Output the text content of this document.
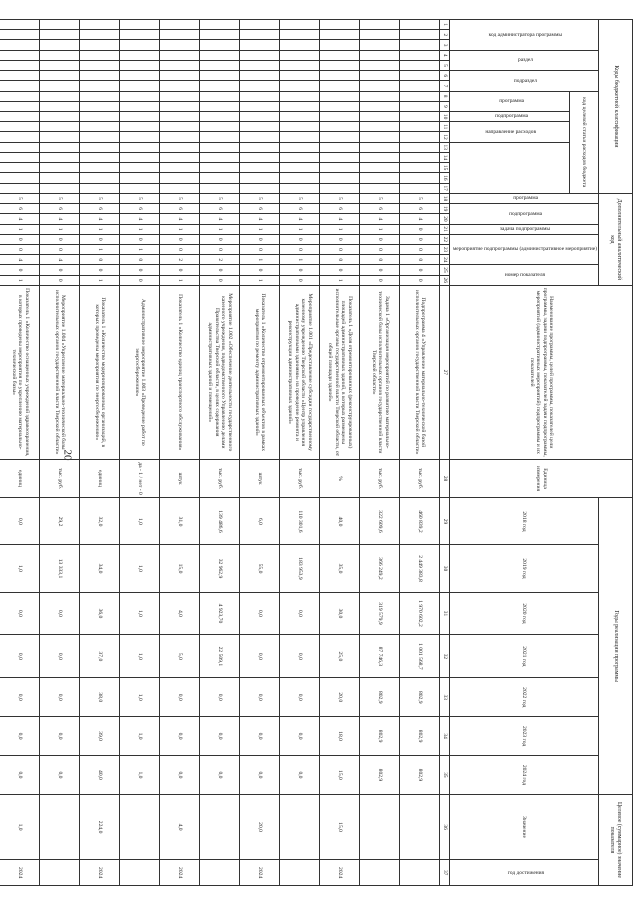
20
Коды бюджетной классификации																	Дополнительный аналитический код									Наименование программы, целей программы, показателей цели программы, задачи подпрограммы, показателей задачи подпрограммы, мероприятий (административных мероприятий) подпрограммы и их показателей	Единица измерения	Годы реализации программы							Целевое (суммарное) значение показателя	
код администратора программы			раздел		подраздел		код целевой статьи расходов бюджета										программа	подпрограмма		задача подпрограммы	мероприятие подпрограммы (административное мероприятие)			номер показателя				2018 год	2019 год	2020 год	2021 год	2022 год	2023 год	2024 год	Значение	год достижения
							программа		подпрограмма	направление расходов																										
1	2	3	4	5	6	7	8	9	10	11	12	13	14	15	16	17	18	19	20	21	22	23	24	25	26	27	28	29	30	31	32	33	34	35	36	37
																	5	6	4	0	0	0	0	0	0	Подпрограмма 4 «Управление материально-технической базой исполнительных органов государственной власти Тверской области»	тыс. руб.	460 839,2	2 449 383,8	1 970 602,2	1 001 568,7	802,9	802,9	802,9		
																	5	6	4	1	0	0	0	0	0	Задача 1 «Организация мероприятий по развитию материально-технической базы исполнительных органов государственной власти Тверской области»	тыс. руб.	322 609,6	366 249,2	319 579,9	87 746,3	802,9	802,9	802,9		
																	5	6	4	1	0	0	0	0	1	Показатель 1 «Доля отремонтированных (реконструированных) площадей административных зданий, в которых размещены исполнительные органы государственной власти Тверской области, от общей площади зданий»	%	40,0	35,0	30,0	25,0	20,0	18,0	15,0	15,0	2024
																	5	6	4	1	0	0	1	0	0	Мероприятие 1.001 «Предоставление субсидии государственному казенному учреждению Тверской области «Центр управления административными зданиями» на проведение ремонта и реконструкции административных зданий»	тыс. руб.	110 301,6	183 953,9	0,0	0,0	0,0	0,0	0,0		
																	5	6	4	1	0	0	1	0	1	Показатель 1 «Количество отремонтированных объектов в рамках мероприятия по ремонту административных зданий»	штук	6,0	55,0	0,0	0,0	0,0	0,0	0,0	20,0	2024
																	5	6	4	1	0	0	2	0	0	Мероприятие 1.002 «Обеспечение деятельности государственного казенного учреждения, подведомственного Управлению делами Правительства Тверской области, в целях содержания административных зданий и помещений»	тыс. руб.	139 486,6	32 962,9	4 923,70	22 509,1	0,0	0,0	0,0		
																	5	6	4	1	0	0	2	0	1	Показатель 1 «Количество единиц транспортного обслуживания»	штук	31,0	15,0	4,0	5,0	0,0	0,0	0,0	4,0	2024
																	5	6	4	1	0	1	0	0	0	Административное мероприятие 1.003 «Проведение работ по энергосбережению»	да - 1 / нет - 0	1,0	1,0	1,0	1,0	1,0	1,0	1,0		
																	5	6	4	1	0	1	0	0	1	Показатель 1 «Количество модернизированных организаций, в которых проведены мероприятия по энергосбережению»	единиц	32,0	34,0	36,0	37,0	38,0	39,0	40,0	224,0	2024
																	5	6	4	1	0	0	4	0	0	Мероприятие 1.004 «Укрепление материально-технической базы исполнительных органов государственной власти Тверской области»	тыс. руб.	29,2	13 333,1	0,0	0,0	0,0	0,0	0,0		
																	5	6	4	1	0	0	4	0	1	Показатель 1 «Количество оснащенных учреждений здравоохранения, в которых проведены мероприятия по укреплению материально-технической базы»	единиц	0,0	1,0	0,0	0,0	0,0	0,0	0,0	1,0	2024
